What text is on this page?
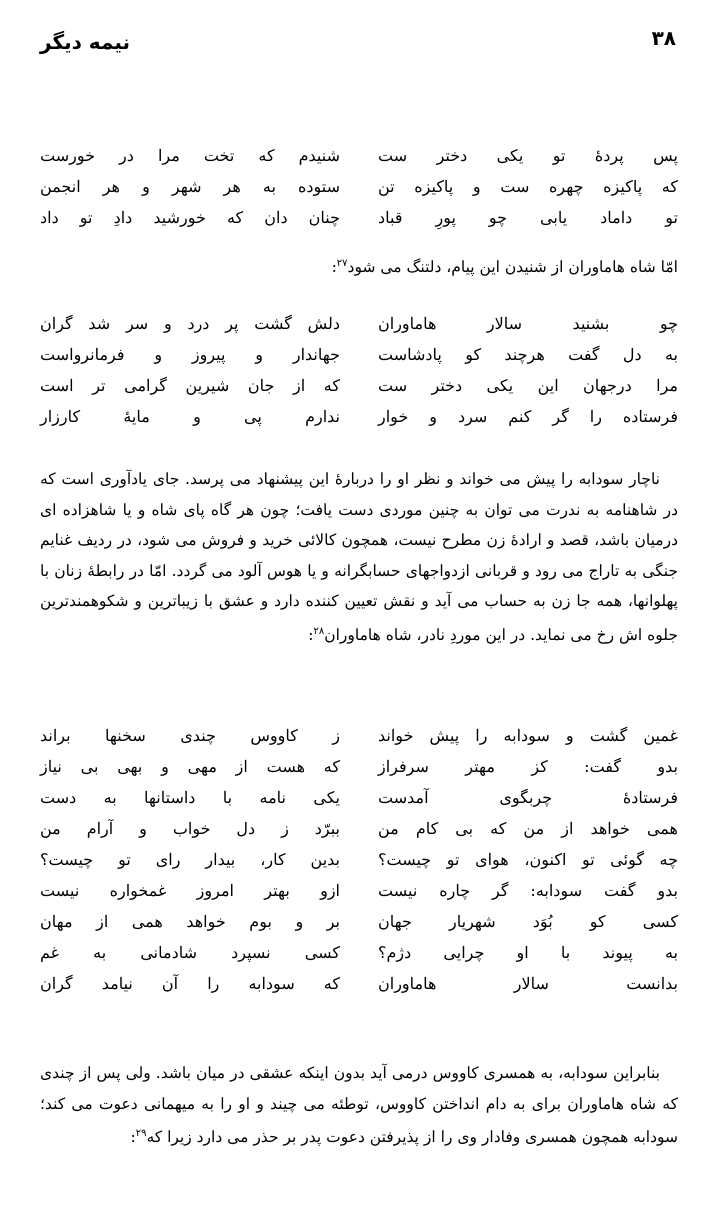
۳۸
نیمه دیگر
پس پردهٔ تو یکی دختر ست
شنیدم که تخت مرا در خورست
که پاکیزه چهره ست و پاکیزه تن
ستوده به هر شهر و هر انجمن
تو داماد یابی چو پورِ قباد
چنان دان که خورشید دادِ تو داد
امّا شاه هاماوران از شنیدن این پیام، دلتنگ می شود$^{۲۷}$:
چو بشنید سالار هاماوران
دلش گشت پر درد و سر شد گران
به دل گفت هرچند کو پادشاست
جهاندار و پیروز و فرمانرواست
مرا درجهان این یکی دختر ست
که از جان شیرین گرامی تر است
فرستاده را گر کنم سرد و خوار
ندارم پی و مایهٔ کارزار
ناچار سودابه را پیش می خواند و نظر او را دربارهٔ این پیشنهاد می پرسد. جای یادآوری است که در شاهنامه به ندرت می توان به چنین موردی دست یافت؛ چون هر گاه پای شاه و یا شاهزاده ای درمیان باشد، قصد و ارادهٔ زن مطرح نیست، همچون کالائی خرید و فروش می شود، در ردیف غنایم جنگی به تاراج می رود و قربانی ازدواجهای حسابگرانه و یا هوس آلود می گردد. امّا در رابطهٔ زنان با پهلوانها، همه جا زن به حساب می آید و نقش تعیین کننده دارد و عشق با زیباترین و شکوهمندترین جلوه اش رخ می نماید. در این موردِ نادر، شاه هاماوران$^{۲۸}$:
غمین گشت و سودابه را پیش خواند
ز کاووس چندی سخنها براند
بدو گفت: کز مهتر سرفراز
که هست از مهی و بهی بی نیاز
فرستادهٔ چربگوی آمدست
یکی نامه با داستانها به دست
همی خواهد از من که بی کام من
ببرّد ز دل خواب و آرام من
چه گوئی تو اکنون، هوای تو چیست؟
بدین کار، بیدار رای تو چیست؟
بدو گفت سودابه: گر چاره نیست
ازو بهتر امروز غمخواره نیست
کسی کو بُوَد شهریار جهان
بر و بوم خواهد همی از مهان
به پیوند با او چرایی دژم؟
کسی نسپرد شادمانی به غم
بدانست سالار هاماوران
که سودابه را آن نیامد گران
بنابراین سودابه، به همسری کاووس درمی آید بدون اینکه عشقی در میان باشد. ولی پس از چندی که شاه هاماوران برای به دام انداختن کاووس، توطئه می چیند و او را به میهمانی دعوت می کند؛ سودابه همچون همسری وفادار وی را از پذیرفتن دعوت پدر بر حذر می دارد زیرا که$^{۲۹}$:
